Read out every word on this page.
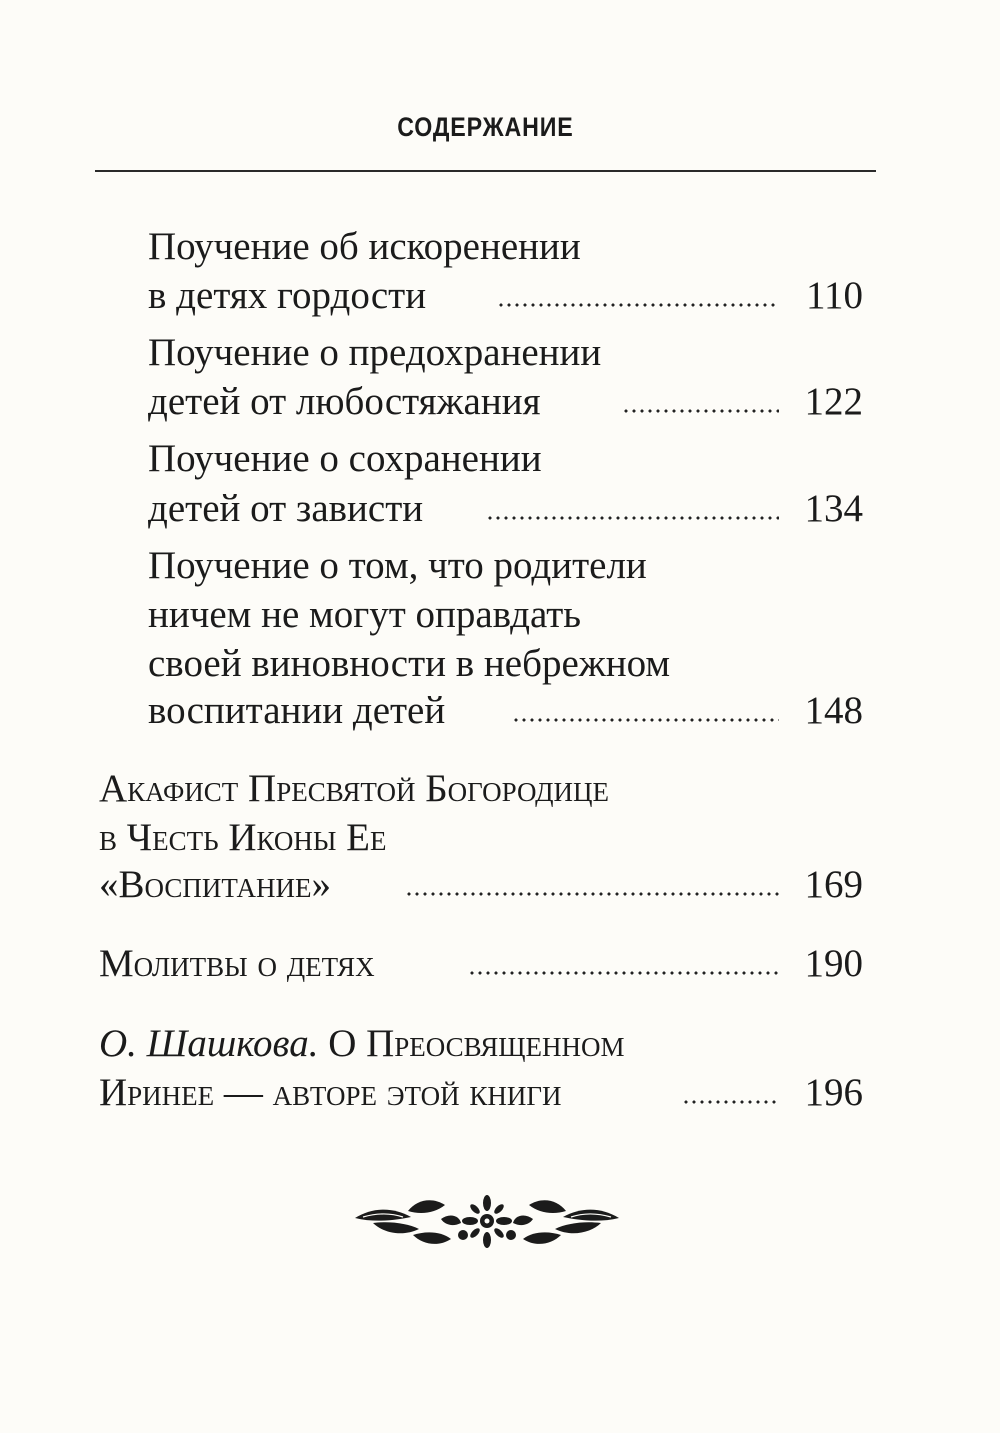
СОДЕРЖАНИЕ
Поучение об искоренении
в детях гордости	110
Поучение о предохранении
детей от любостяжания	122
Поучение о сохранении
детей от зависти	134
Поучение о том, что родители
ничем не могут оправдать
своей виновности в небрежном
воспитании детей	148
Акафист Пресвятой Богородице
в Честь Иконы Ее
«Воспитание»	169
Молитвы о детях	190
О. Шашкова. О Преосвященном
Иринее — авторе этой книги	196
